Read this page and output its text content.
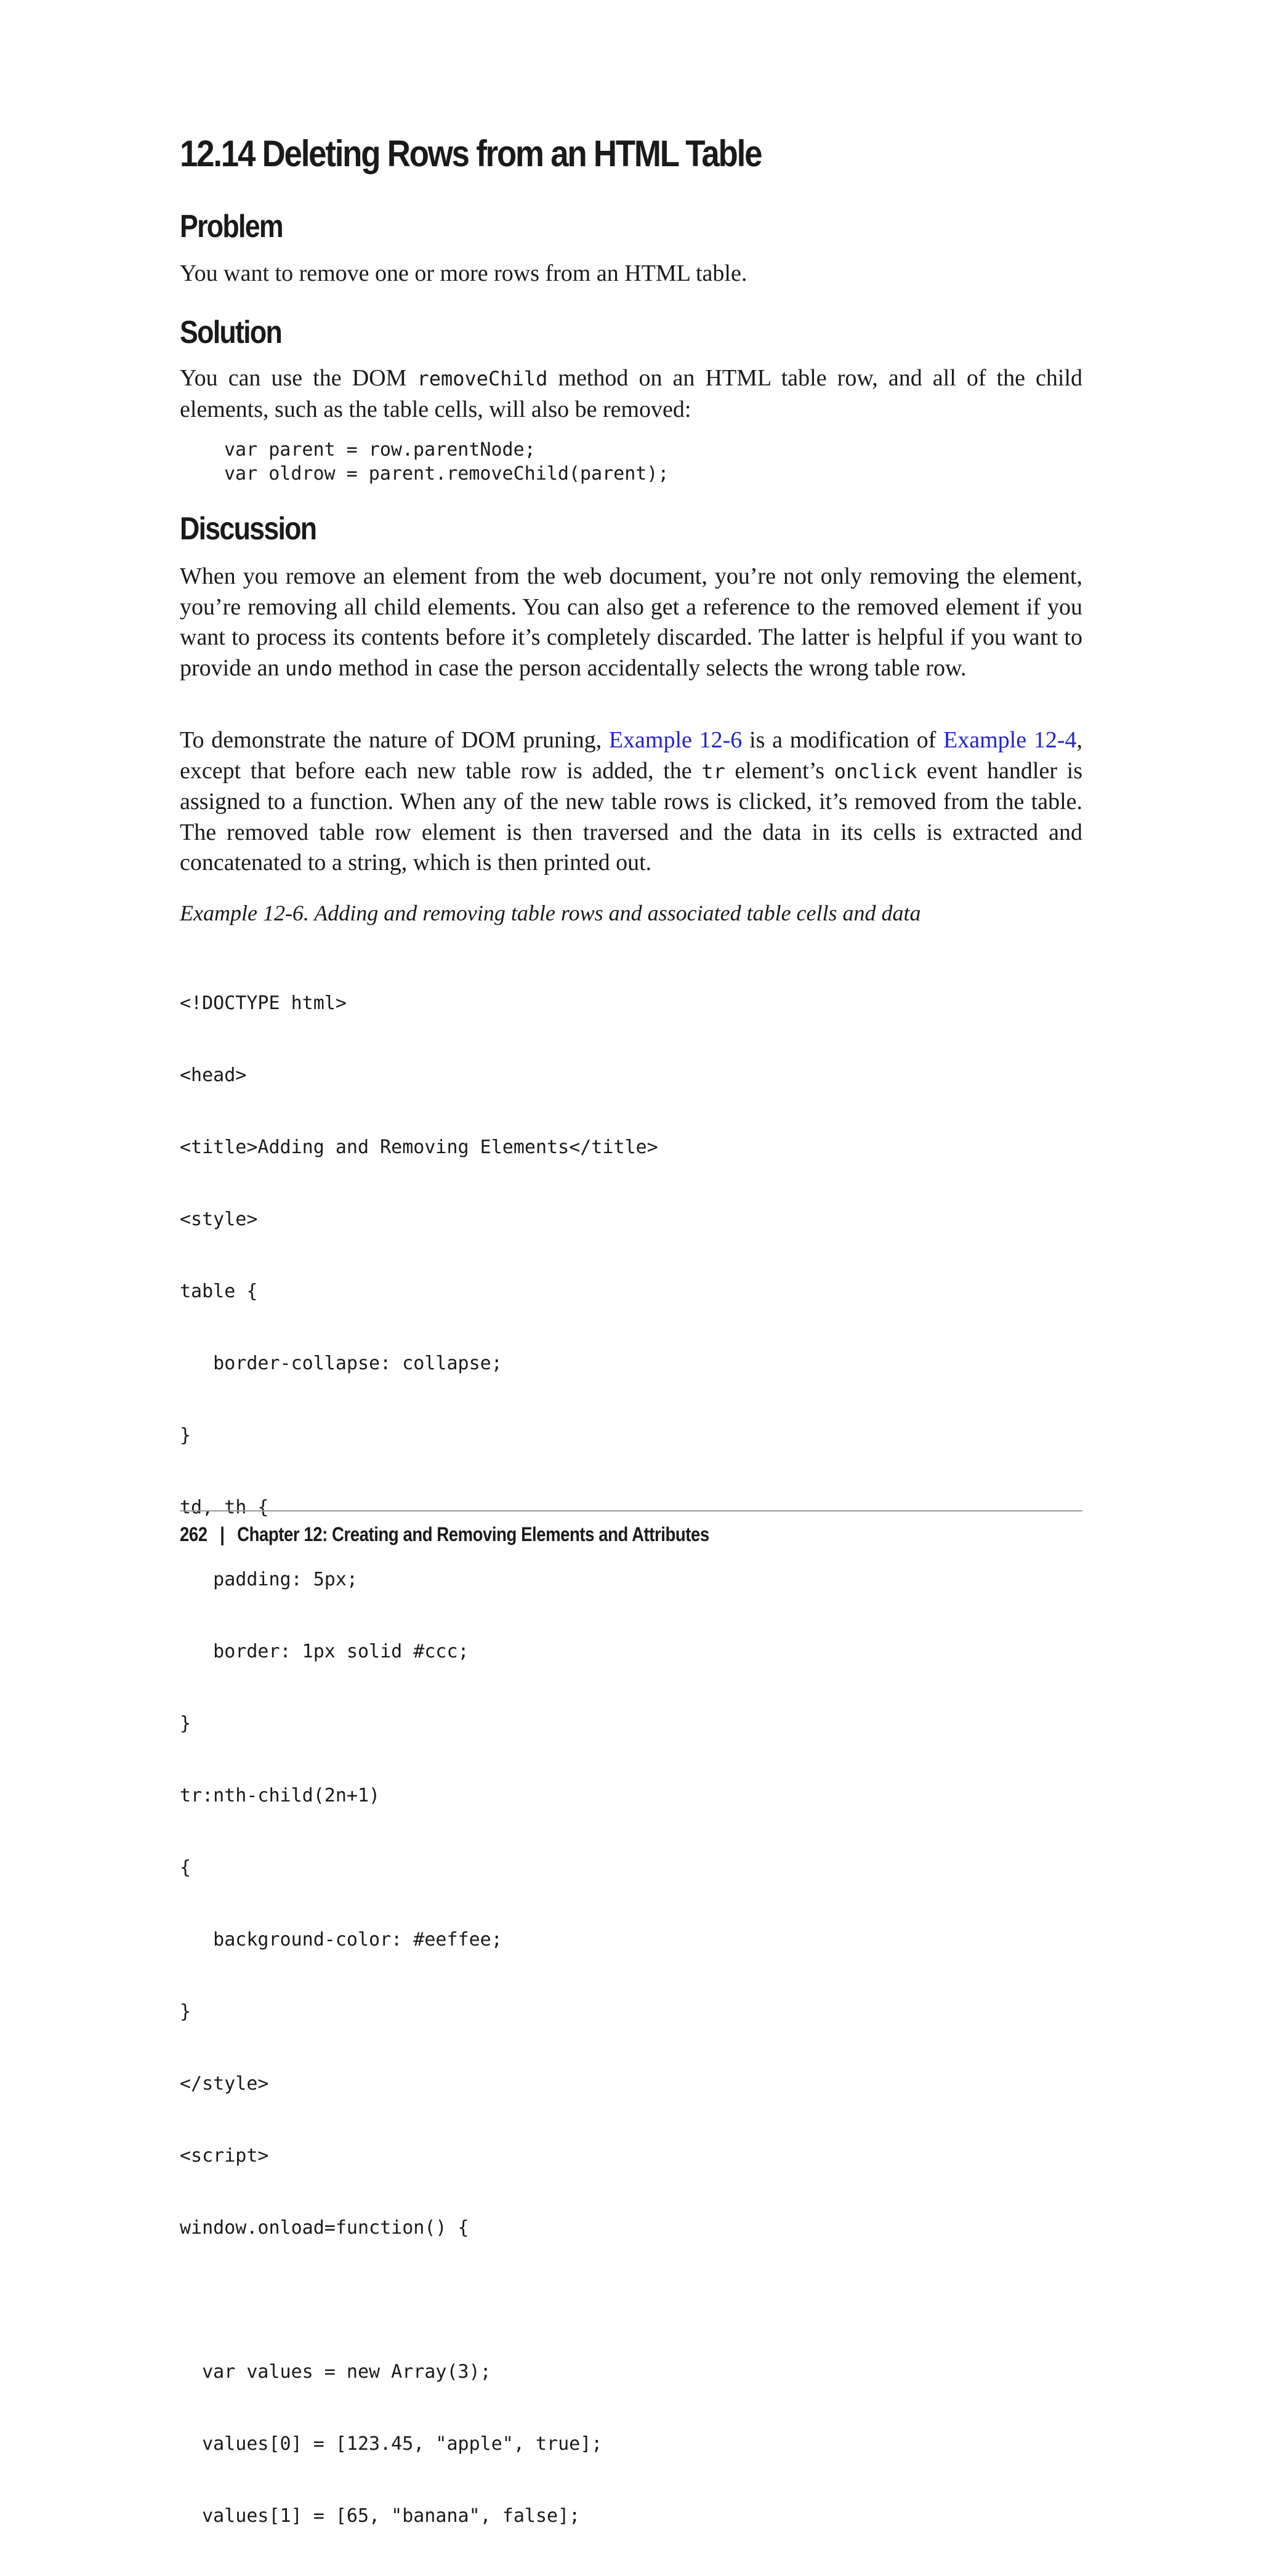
12.14 Deleting Rows from an HTML Table
Problem

You want to remove one or more rows from an HTML table.

Solution

You can use the DOM removeChild method on an HTML table row, and all of the child elements, such as the table cells, will also be removed:

var parent = row.parentNode;
var oldrow = parent.removeChild(parent);
Discussion

When you remove an element from the web document, you’re not only removing the element, you’re removing all child elements. You can also get a reference to the removed element if you want to process its contents before it’s completely discarded. The latter is helpful if you want to provide an undo method in case the person accidentally selects the wrong table row.

To demonstrate the nature of DOM pruning, Example 12-6 is a modification of Example 12-4, except that before each new table row is added, the tr element’s onclick event handler is assigned to a function. When any of the new table rows is clicked, it’s removed from the table. The removed table row element is then traversed and the data in its cells is extracted and concatenated to a string, which is then printed out.

Example 12-6. Adding and removing table rows and associated table cells and data

<!DOCTYPE html>

<head>

<title>Adding and Removing Elements</title>

<style>

table {

border-collapse: collapse;

}

td, th {

padding: 5px;

border: 1px solid #ccc;

}

tr:nth-child(2n+1)

{

background-color: #eeffee;

}

</style>

<script>

window.onload=function() {

var values = new Array(3);

values[0] = [123.45, "apple", true];

values[1] = [65, "banana", false];

262 | Chapter 12: Creating and Removing Elements and Attributes
